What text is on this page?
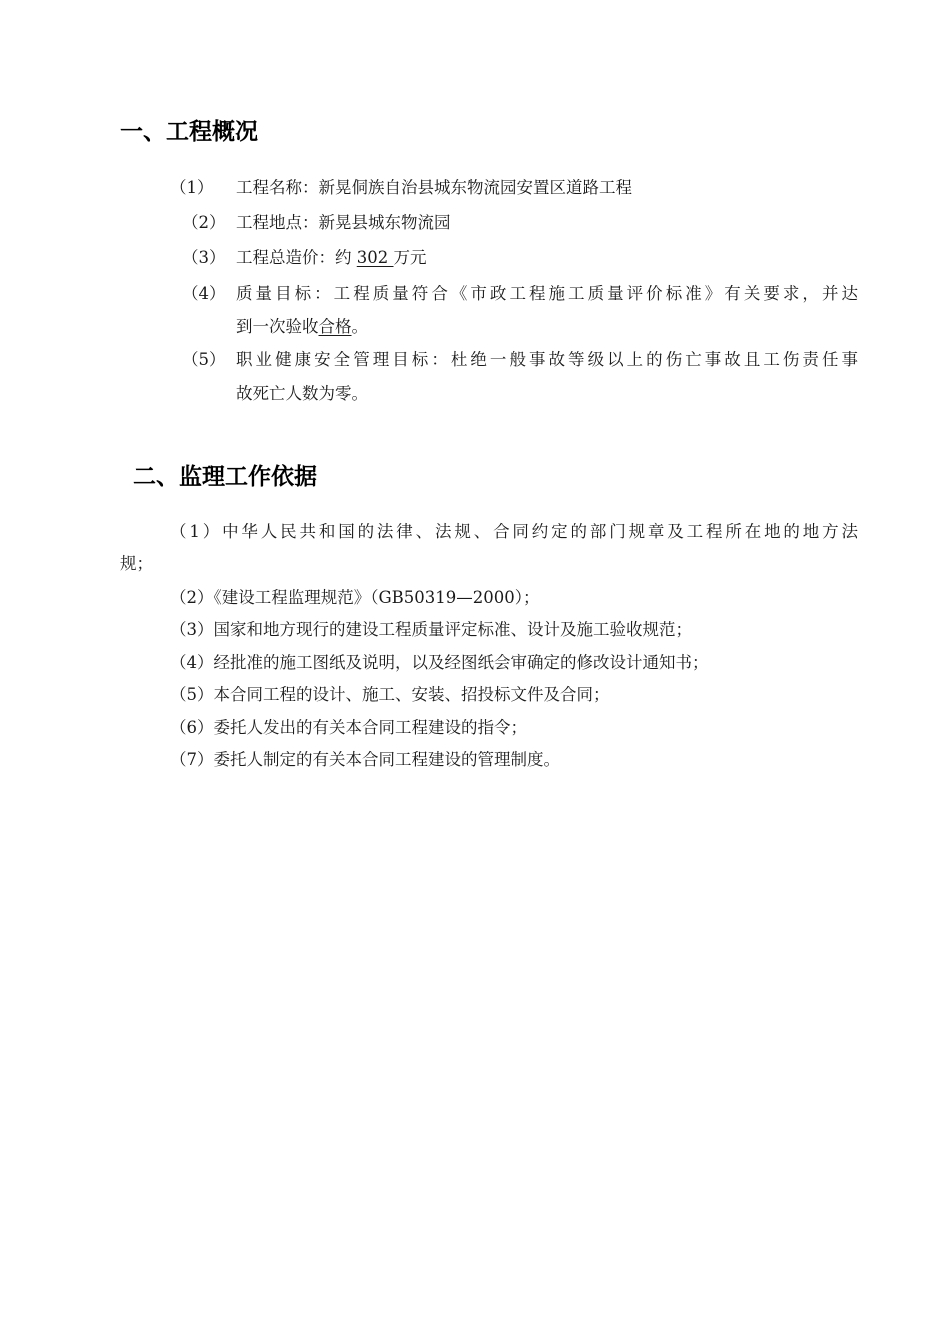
一、工程概况
（1） 工程名称：新晃侗族自治县城东物流园安置区道路工程
（2） 工程地点：新晃县城东物流园
（3） 工程总造价：约 302 万元
（4） 质量目标：工程质量符合《市政工程施工质量评价标准》有关要求，并达
到一次验收合格。
（5） 职业健康安全管理目标：杜绝一般事故等级以上的伤亡事故且工伤责任事
故死亡人数为零。
二、监理工作依据
（1）中华人民共和国的法律、法规、合同约定的部门规章及工程所在地的地方法
规；
（2）《建设工程监理规范》（GB50319—2000）；
（3）国家和地方现行的建设工程质量评定标准、设计及施工验收规范；
（4）经批准的施工图纸及说明，以及经图纸会审确定的修改设计通知书；
（5）本合同工程的设计、施工、安装、招投标文件及合同；
（6）委托人发出的有关本合同工程建设的指令；
（7）委托人制定的有关本合同工程建设的管理制度。
